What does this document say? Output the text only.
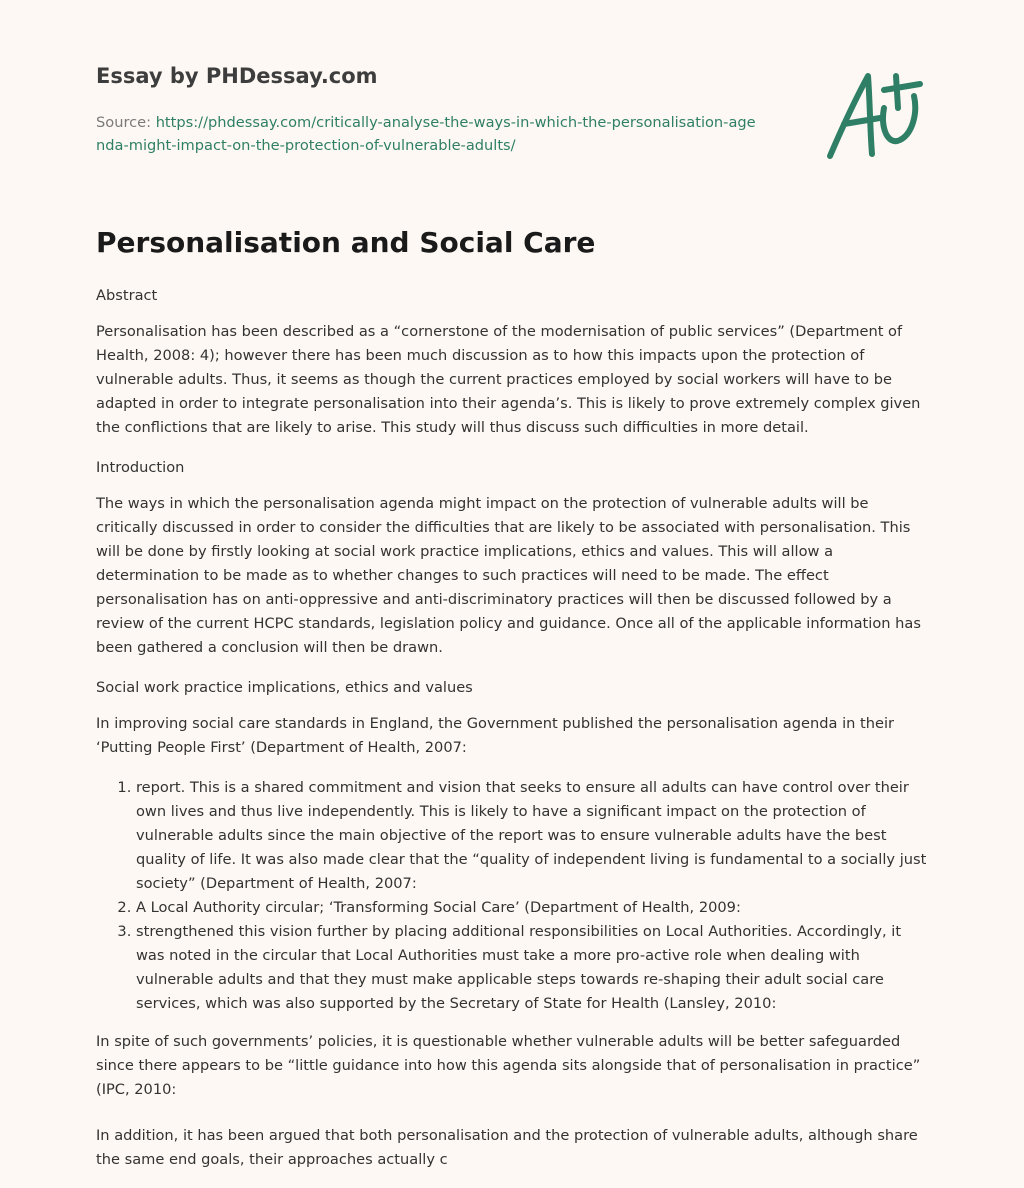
Essay by PHDessay.com
Source: https://phdessay.com/critically-analyse-the-ways-in-which-the-personalisation-agenda-might-impact-on-the-protection-of-vulnerable-adults/
Personalisation and Social Care

Abstract

Personalisation has been described as a “cornerstone of the modernisation of public services” (Department of Health, 2008: 4); however there has been much discussion as to how this impacts upon the protection of vulnerable adults. Thus, it seems as though the current practices employed by social workers will have to be adapted in order to integrate personalisation into their agenda’s. This is likely to prove extremely complex given the conflictions that are likely to arise. This study will thus discuss such difficulties in more detail.

Introduction

The ways in which the personalisation agenda might impact on the protection of vulnerable adults will be critically discussed in order to consider the difficulties that are likely to be associated with personalisation. This will be done by firstly looking at social work practice implications, ethics and values. This will allow a determination to be made as to whether changes to such practices will need to be made. The effect personalisation has on anti-oppressive and anti-discriminatory practices will then be discussed followed by a review of the current HCPC standards, legislation policy and guidance. Once all of the applicable information has been gathered a conclusion will then be drawn.

Social work practice implications, ethics and values

In improving social care standards in England, the Government published the personalisation agenda in their ‘Putting People First’ (Department of Health, 2007:

1. report. This is a shared commitment and vision that seeks to ensure all adults can have control over their own lives and thus live independently. This is likely to have a significant impact on the protection of vulnerable adults since the main objective of the report was to ensure vulnerable adults have the best quality of life. It was also made clear that the “quality of independent living is fundamental to a socially just society” (Department of Health, 2007:
2. A Local Authority circular; ‘Transforming Social Care’ (Department of Health, 2009:
3. strengthened this vision further by placing additional responsibilities on Local Authorities. Accordingly, it was noted in the circular that Local Authorities must take a more pro-active role when dealing with vulnerable adults and that they must make applicable steps towards re-shaping their adult social care services, which was also supported by the Secretary of State for Health (Lansley, 2010:

In spite of such governments’ policies, it is questionable whether vulnerable adults will be better safeguarded since there appears to be “little guidance into how this agenda sits alongside that of personalisation in practice” (IPC, 2010:

In addition, it has been argued that both personalisation and the protection of vulnerable adults, although share the same end goals, their approaches actually c
